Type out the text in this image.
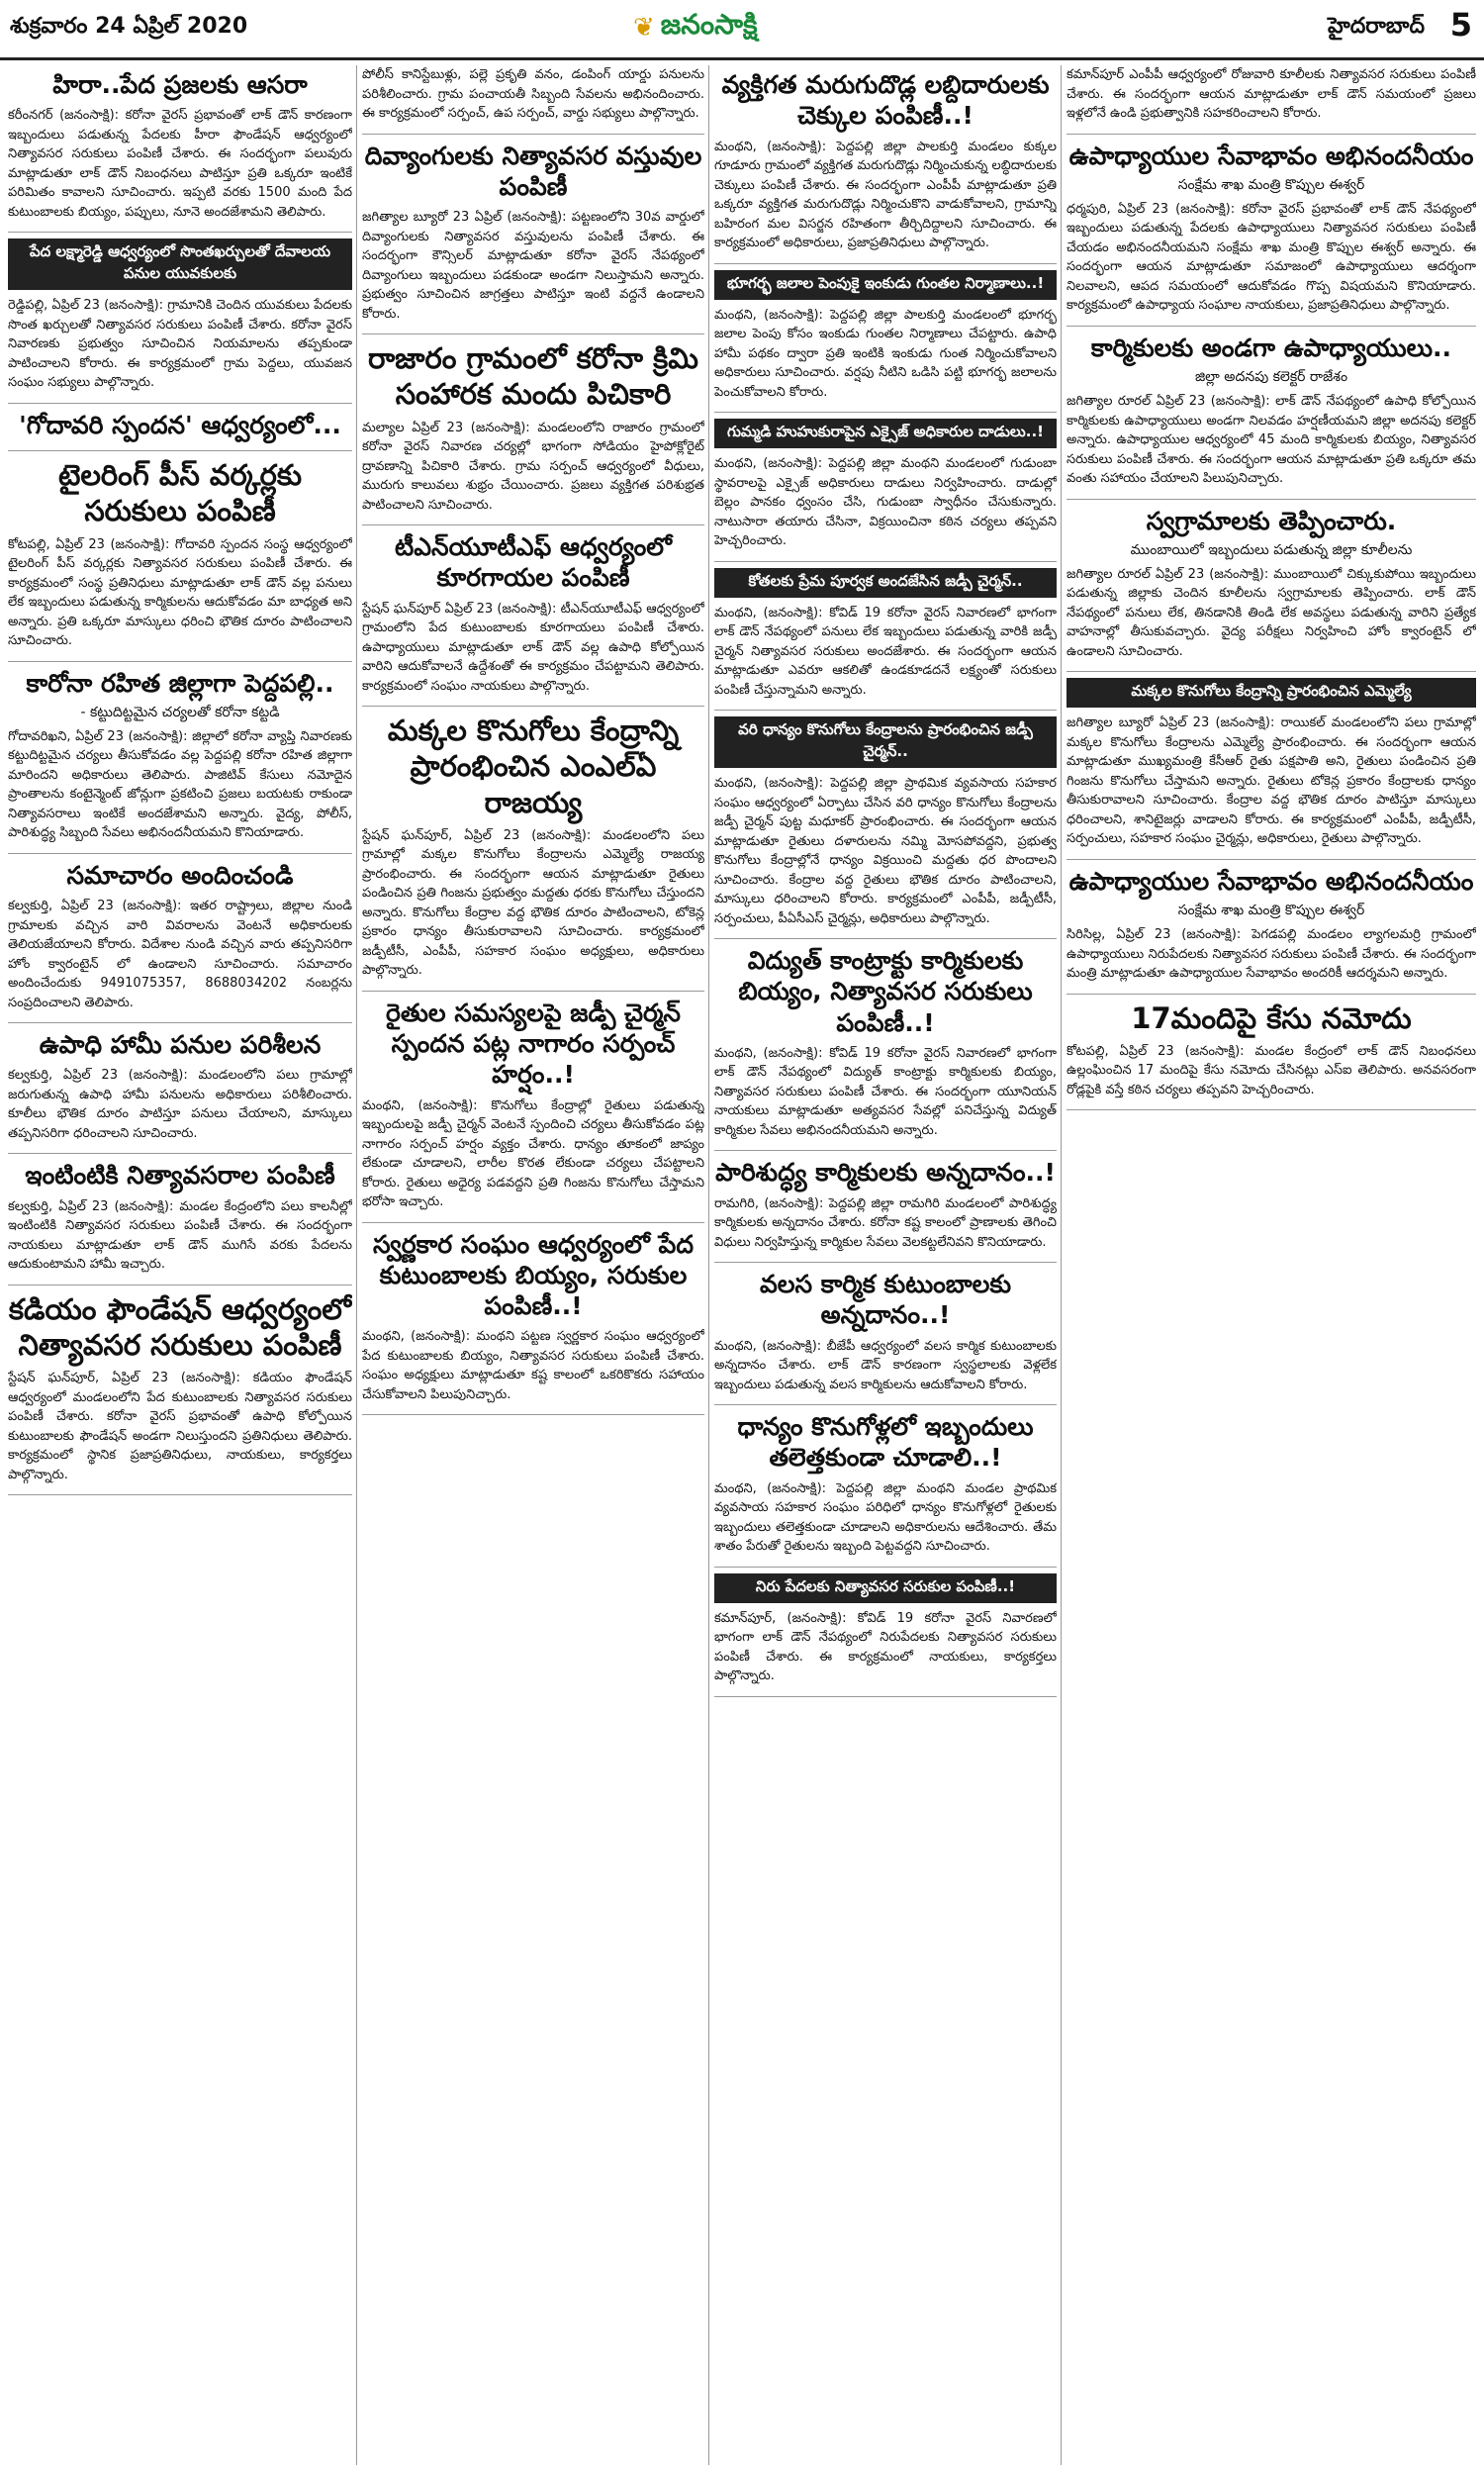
శుక్రవారం 24 ఏప్రిల్ 2020	❦ జనంసాక్షి	హైదరాబాద్ 5
హిరా..పేద ప్రజలకు ఆసరా
కరీంనగర్ (జనంసాక్షి): కరోనా వైరస్ ప్రభావంతో లాక్ డౌన్ కారణంగా ఇబ్బందులు పడుతున్న పేదలకు హీరా ఫౌండేషన్ ఆధ్వర్యంలో నిత్యావసర సరుకులు పంపిణీ చేశారు. ఈ సందర్భంగా పలువురు మాట్లాడుతూ లాక్ డౌన్ నిబంధనలు పాటిస్తూ ప్రతి ఒక్కరూ ఇంటికే పరిమితం కావాలని సూచించారు. ఇప్పటి వరకు 1500 మంది పేద కుటుంబాలకు బియ్యం, పప్పులు, నూనె అందజేశామని తెలిపారు.
పేద లక్ష్మారెడ్డి ఆధ్వర్యంలో సొంతఖర్చులతో దేవాలయ పనుల యువకులకు
రెడ్డిపల్లి, ఏప్రిల్ 23 (జనంసాక్షి): గ్రామానికి చెందిన యువకులు పేదలకు సొంత ఖర్చులతో నిత్యావసర సరుకులు పంపిణీ చేశారు. కరోనా వైరస్ నివారణకు ప్రభుత్వం సూచించిన నియమాలను తప్పకుండా పాటించాలని కోరారు. ఈ కార్యక్రమంలో గ్రామ పెద్దలు, యువజన సంఘం సభ్యులు పాల్గొన్నారు.
'గోదావరి స్పందన' ఆధ్వర్యంలో...
టైలరింగ్ పీస్ వర్కర్లకు సరుకులు పంపిణీ
కోటపల్లి, ఏప్రిల్ 23 (జనంసాక్షి): గోదావరి స్పందన సంస్థ ఆధ్వర్యంలో టైలరింగ్ పీస్ వర్కర్లకు నిత్యావసర సరుకులు పంపిణీ చేశారు. ఈ కార్యక్రమంలో సంస్థ ప్రతినిధులు మాట్లాడుతూ లాక్ డౌన్ వల్ల పనులు లేక ఇబ్బందులు పడుతున్న కార్మికులను ఆదుకోవడం మా బాధ్యత అని అన్నారు. ప్రతి ఒక్కరూ మాస్కులు ధరించి భౌతిక దూరం పాటించాలని సూచించారు.
కారోనా రహిత జిల్లాగా పెద్దపల్లి..
- కట్టుదిట్టమైన చర్యలతో కరోనా కట్టడి
గోదావరిఖని, ఏప్రిల్ 23 (జనంసాక్షి): జిల్లాలో కరోనా వ్యాప్తి నివారణకు కట్టుదిట్టమైన చర్యలు తీసుకోవడం వల్ల పెద్దపల్లి కరోనా రహిత జిల్లాగా మారిందని అధికారులు తెలిపారు. పాజిటివ్ కేసులు నమోదైన ప్రాంతాలను కంటైన్మెంట్ జోన్లుగా ప్రకటించి ప్రజలు బయటకు రాకుండా నిత్యావసరాలు ఇంటికే అందజేశామని అన్నారు. వైద్య, పోలీస్, పారిశుద్ధ్య సిబ్బంది సేవలు అభినందనీయమని కొనియాడారు.
సమాచారం అందించండి
కల్వకుర్తి, ఏప్రిల్ 23 (జనంసాక్షి): ఇతర రాష్ట్రాలు, జిల్లాల నుండి గ్రామాలకు వచ్చిన వారి వివరాలను వెంటనే అధికారులకు తెలియజేయాలని కోరారు. విదేశాల నుండి వచ్చిన వారు తప్పనిసరిగా హోం క్వారంటైన్ లో ఉండాలని సూచించారు. సమాచారం అందించేందుకు 9491075357, 8688034202 నంబర్లను సంప్రదించాలని తెలిపారు.
ఉపాధి హామీ పనుల పరిశీలన
కల్వకుర్తి, ఏప్రిల్ 23 (జనంసాక్షి): మండలంలోని పలు గ్రామాల్లో జరుగుతున్న ఉపాధి హామీ పనులను అధికారులు పరిశీలించారు. కూలీలు భౌతిక దూరం పాటిస్తూ పనులు చేయాలని, మాస్కులు తప్పనిసరిగా ధరించాలని సూచించారు.
ఇంటింటికి నిత్యావసరాల పంపిణీ
కల్వకుర్తి, ఏప్రిల్ 23 (జనంసాక్షి): మండల కేంద్రంలోని పలు కాలనీల్లో ఇంటింటికి నిత్యావసర సరుకులు పంపిణీ చేశారు. ఈ సందర్భంగా నాయకులు మాట్లాడుతూ లాక్ డౌన్ ముగిసే వరకు పేదలను ఆదుకుంటామని హామీ ఇచ్చారు.
కడియం ఫౌండేషన్ ఆధ్వర్యంలో నిత్యావసర సరుకులు పంపిణీ
స్టేషన్ ఘన్‌పూర్, ఏప్రిల్ 23 (జనంసాక్షి): కడియం ఫౌండేషన్ ఆధ్వర్యంలో మండలంలోని పేద కుటుంబాలకు నిత్యావసర సరుకులు పంపిణీ చేశారు. కరోనా వైరస్ ప్రభావంతో ఉపాధి కోల్పోయిన కుటుంబాలకు ఫౌండేషన్ అండగా నిలుస్తుందని ప్రతినిధులు తెలిపారు. కార్యక్రమంలో స్థానిక ప్రజాప్రతినిధులు, నాయకులు, కార్యకర్తలు పాల్గొన్నారు.
పోలీస్ కానిస్టేబుళ్లు, పల్లె ప్రకృతి వనం, డంపింగ్ యార్డు పనులను పరిశీలించారు. గ్రామ పంచాయతీ సిబ్బంది సేవలను అభినందించారు. ఈ కార్యక్రమంలో సర్పంచ్, ఉప సర్పంచ్, వార్డు సభ్యులు పాల్గొన్నారు.
దివ్యాంగులకు నిత్యావసర వస్తువుల పంపిణీ
జగిత్యాల బ్యూరో 23 ఏప్రిల్ (జనంసాక్షి): పట్టణంలోని 30వ వార్డులో దివ్యాంగులకు నిత్యావసర వస్తువులను పంపిణీ చేశారు. ఈ సందర్భంగా కౌన్సిలర్ మాట్లాడుతూ కరోనా వైరస్ నేపథ్యంలో దివ్యాంగులు ఇబ్బందులు పడకుండా అండగా నిలుస్తామని అన్నారు. ప్రభుత్వం సూచించిన జాగ్రత్తలు పాటిస్తూ ఇంటి వద్దనే ఉండాలని కోరారు.
రాజారం గ్రామంలో కరోనా క్రిమి సంహారక మందు పిచికారి
మల్యాల ఏప్రిల్ 23 (జనంసాక్షి): మండలంలోని రాజారం గ్రామంలో కరోనా వైరస్ నివారణ చర్యల్లో భాగంగా సోడియం హైపోక్లోరైట్ ద్రావణాన్ని పిచికారి చేశారు. గ్రామ సర్పంచ్ ఆధ్వర్యంలో వీధులు, మురుగు కాలువలు శుభ్రం చేయించారు. ప్రజలు వ్యక్తిగత పరిశుభ్రత పాటించాలని సూచించారు.
టీఎన్‌యూటీఎఫ్ ఆధ్వర్యంలో కూరగాయల పంపిణీ
స్టేషన్ ఘన్‌పూర్ ఏప్రిల్ 23 (జనంసాక్షి): టీఎన్‌యూటీఎఫ్ ఆధ్వర్యంలో గ్రామంలోని పేద కుటుంబాలకు కూరగాయలు పంపిణీ చేశారు. ఉపాధ్యాయులు మాట్లాడుతూ లాక్ డౌన్ వల్ల ఉపాధి కోల్పోయిన వారిని ఆదుకోవాలనే ఉద్దేశంతో ఈ కార్యక్రమం చేపట్టామని తెలిపారు. కార్యక్రమంలో సంఘం నాయకులు పాల్గొన్నారు.
మక్కల కొనుగోలు కేంద్రాన్ని ప్రారంభించిన ఎంఎల్‌ఏ రాజయ్య
స్టేషన్ ఘన్‌పూర్, ఏప్రిల్ 23 (జనంసాక్షి): మండలంలోని పలు గ్రామాల్లో మక్కల కొనుగోలు కేంద్రాలను ఎమ్మెల్యే రాజయ్య ప్రారంభించారు. ఈ సందర్భంగా ఆయన మాట్లాడుతూ రైతులు పండించిన ప్రతి గింజను ప్రభుత్వం మద్దతు ధరకు కొనుగోలు చేస్తుందని అన్నారు. కొనుగోలు కేంద్రాల వద్ద భౌతిక దూరం పాటించాలని, టోకెన్ల ప్రకారం ధాన్యం తీసుకురావాలని సూచించారు. కార్యక్రమంలో జడ్పీటీసీ, ఎంపీపీ, సహకార సంఘం అధ్యక్షులు, అధికారులు పాల్గొన్నారు.
రైతుల సమస్యలపై జడ్పీ చైర్మన్ స్పందన పట్ల నాగారం సర్పంచ్ హర్షం..!
మంథని, (జనంసాక్షి): కొనుగోలు కేంద్రాల్లో రైతులు పడుతున్న ఇబ్బందులపై జడ్పీ చైర్మన్ వెంటనే స్పందించి చర్యలు తీసుకోవడం పట్ల నాగారం సర్పంచ్ హర్షం వ్యక్తం చేశారు. ధాన్యం తూకంలో జాప్యం లేకుండా చూడాలని, లారీల కొరత లేకుండా చర్యలు చేపట్టాలని కోరారు. రైతులు అధైర్య పడవద్దని ప్రతి గింజను కొనుగోలు చేస్తామని భరోసా ఇచ్చారు.
స్వర్ణకార సంఘం ఆధ్వర్యంలో పేద కుటుంబాలకు బియ్యం, సరుకుల పంపిణీ..!
మంథని, (జనంసాక్షి): మంథని పట్టణ స్వర్ణకార సంఘం ఆధ్వర్యంలో పేద కుటుంబాలకు బియ్యం, నిత్యావసర సరుకులు పంపిణీ చేశారు. సంఘం అధ్యక్షులు మాట్లాడుతూ కష్ట కాలంలో ఒకరికొకరు సహాయం చేసుకోవాలని పిలుపునిచ్చారు.
వ్యక్తిగత మరుగుదొడ్ల లబ్దిదారులకు చెక్కుల పంపిణీ..!
మంథని, (జనంసాక్షి): పెద్దపల్లి జిల్లా పాలకుర్తి మండలం కుక్కల గూడూరు గ్రామంలో వ్యక్తిగత మరుగుదొడ్లు నిర్మించుకున్న లబ్ధిదారులకు చెక్కులు పంపిణీ చేశారు. ఈ సందర్భంగా ఎంపీపీ మాట్లాడుతూ ప్రతి ఒక్కరూ వ్యక్తిగత మరుగుదొడ్లు నిర్మించుకొని వాడుకోవాలని, గ్రామాన్ని బహిరంగ మల విసర్జన రహితంగా తీర్చిదిద్దాలని సూచించారు. ఈ కార్యక్రమంలో అధికారులు, ప్రజాప్రతినిధులు పాల్గొన్నారు.
భూగర్భ జలాల పెంపుకై ఇంకుడు గుంతల నిర్మాణాలు..!
మంథని, (జనంసాక్షి): పెద్దపల్లి జిల్లా పాలకుర్తి మండలంలో భూగర్భ జలాల పెంపు కోసం ఇంకుడు గుంతల నిర్మాణాలు చేపట్టారు. ఉపాధి హామీ పథకం ద్వారా ప్రతి ఇంటికి ఇంకుడు గుంత నిర్మించుకోవాలని అధికారులు సూచించారు. వర్షపు నీటిని ఒడిసి పట్టి భూగర్భ జలాలను పెంచుకోవాలని కోరారు.
గుమ్మడి హుహుకురాపైన ఎక్సైజ్ అధికారుల దాడులు..!
మంథని, (జనంసాక్షి): పెద్దపల్లి జిల్లా మంథని మండలంలో గుడుంబా స్థావరాలపై ఎక్సైజ్ అధికారులు దాడులు నిర్వహించారు. దాడుల్లో బెల్లం పానకం ధ్వంసం చేసి, గుడుంబా స్వాధీనం చేసుకున్నారు. నాటుసారా తయారు చేసినా, విక్రయించినా కఠిన చర్యలు తప్పవని హెచ్చరించారు.
కోతలకు ప్రేమ పూర్వక అందజేసిన జడ్పీ చైర్మన్..
మంథని, (జనంసాక్షి): కోవిడ్ 19 కరోనా వైరస్ నివారణలో భాగంగా లాక్ డౌన్ నేపథ్యంలో పనులు లేక ఇబ్బందులు పడుతున్న వారికి జడ్పీ చైర్మన్ నిత్యావసర సరుకులు అందజేశారు. ఈ సందర్భంగా ఆయన మాట్లాడుతూ ఎవరూ ఆకలితో ఉండకూడదనే లక్ష్యంతో సరుకులు పంపిణీ చేస్తున్నామని అన్నారు.
వరి ధాన్యం కొనుగోలు కేంద్రాలను ప్రారంభించిన జడ్పీ చైర్మన్..
మంథని, (జనంసాక్షి): పెద్దపల్లి జిల్లా ప్రాథమిక వ్యవసాయ సహకార సంఘం ఆధ్వర్యంలో ఏర్పాటు చేసిన వరి ధాన్యం కొనుగోలు కేంద్రాలను జడ్పీ చైర్మన్ పుట్ట మధూకర్ ప్రారంభించారు. ఈ సందర్భంగా ఆయన మాట్లాడుతూ రైతులు దళారులను నమ్మి మోసపోవద్దని, ప్రభుత్వ కొనుగోలు కేంద్రాల్లోనే ధాన్యం విక్రయించి మద్దతు ధర పొందాలని సూచించారు. కేంద్రాల వద్ద రైతులు భౌతిక దూరం పాటించాలని, మాస్కులు ధరించాలని కోరారు. కార్యక్రమంలో ఎంపీపీ, జడ్పీటీసీ, సర్పంచులు, పీఏసీఎస్ చైర్మన్లు, అధికారులు పాల్గొన్నారు.
విద్యుత్ కాంట్రాక్టు కార్మికులకు బియ్యం, నిత్యావసర సరుకులు పంపిణీ..!
మంథని, (జనంసాక్షి): కోవిడ్ 19 కరోనా వైరస్ నివారణలో భాగంగా లాక్ డౌన్ నేపథ్యంలో విద్యుత్ కాంట్రాక్టు కార్మికులకు బియ్యం, నిత్యావసర సరుకులు పంపిణీ చేశారు. ఈ సందర్భంగా యూనియన్ నాయకులు మాట్లాడుతూ అత్యవసర సేవల్లో పనిచేస్తున్న విద్యుత్ కార్మికుల సేవలు అభినందనీయమని అన్నారు.
పారిశుద్ధ్య కార్మికులకు అన్నదానం..!
రామగిరి, (జనంసాక్షి): పెద్దపల్లి జిల్లా రామగిరి మండలంలో పారిశుద్ధ్య కార్మికులకు అన్నదానం చేశారు. కరోనా కష్ట కాలంలో ప్రాణాలకు తెగించి విధులు నిర్వహిస్తున్న కార్మికుల సేవలు వెలకట్టలేనివని కొనియాడారు.
వలస కార్మిక కుటుంబాలకు అన్నదానం..!
మంథని, (జనంసాక్షి): బీజేపీ ఆధ్వర్యంలో వలస కార్మిక కుటుంబాలకు అన్నదానం చేశారు. లాక్ డౌన్ కారణంగా స్వస్థలాలకు వెళ్లలేక ఇబ్బందులు పడుతున్న వలస కార్మికులను ఆదుకోవాలని కోరారు.
ధాన్యం కొనుగోళ్లలో ఇబ్బందులు తలెత్తకుండా చూడాలి..!
మంథని, (జనంసాక్షి): పెద్దపల్లి జిల్లా మంథని మండల ప్రాథమిక వ్యవసాయ సహకార సంఘం పరిధిలో ధాన్యం కొనుగోళ్లలో రైతులకు ఇబ్బందులు తలెత్తకుండా చూడాలని అధికారులను ఆదేశించారు. తేమ శాతం పేరుతో రైతులను ఇబ్బంది పెట్టవద్దని సూచించారు.
నిరు పేదలకు నిత్యావసర సరుకుల పంపిణీ..!
కమాన్‌పూర్, (జనంసాక్షి): కోవిడ్ 19 కరోనా వైరస్ నివారణలో భాగంగా లాక్ డౌన్ నేపథ్యంలో నిరుపేదలకు నిత్యావసర సరుకులు పంపిణీ చేశారు. ఈ కార్యక్రమంలో నాయకులు, కార్యకర్తలు పాల్గొన్నారు.
కమాన్‌పూర్ ఎంపీపీ ఆధ్వర్యంలో రోజువారి కూలీలకు నిత్యావసర సరుకులు పంపిణీ చేశారు. ఈ సందర్భంగా ఆయన మాట్లాడుతూ లాక్ డౌన్ సమయంలో ప్రజలు ఇళ్లలోనే ఉండి ప్రభుత్వానికి సహకరించాలని కోరారు.
ఉపాధ్యాయుల సేవాభావం అభినందనీయం
సంక్షేమ శాఖ మంత్రి కొప్పుల ఈశ్వర్
ధర్మపురి, ఏప్రిల్ 23 (జనంసాక్షి): కరోనా వైరస్ ప్రభావంతో లాక్ డౌన్ నేపథ్యంలో ఇబ్బందులు పడుతున్న పేదలకు ఉపాధ్యాయులు నిత్యావసర సరుకులు పంపిణీ చేయడం అభినందనీయమని సంక్షేమ శాఖ మంత్రి కొప్పుల ఈశ్వర్ అన్నారు. ఈ సందర్భంగా ఆయన మాట్లాడుతూ సమాజంలో ఉపాధ్యాయులు ఆదర్శంగా నిలవాలని, ఆపద సమయంలో ఆదుకోవడం గొప్ప విషయమని కొనియాడారు. కార్యక్రమంలో ఉపాధ్యాయ సంఘాల నాయకులు, ప్రజాప్రతినిధులు పాల్గొన్నారు.
కార్మికులకు అండగా ఉపాధ్యాయులు..
జిల్లా అదనపు కలెక్టర్ రాజేశం
జగిత్యాల రూరల్ ఏప్రిల్ 23 (జనంసాక్షి): లాక్ డౌన్ నేపథ్యంలో ఉపాధి కోల్పోయిన కార్మికులకు ఉపాధ్యాయులు అండగా నిలవడం హర్షణీయమని జిల్లా అదనపు కలెక్టర్ అన్నారు. ఉపాధ్యాయుల ఆధ్వర్యంలో 45 మంది కార్మికులకు బియ్యం, నిత్యావసర సరుకులు పంపిణీ చేశారు. ఈ సందర్భంగా ఆయన మాట్లాడుతూ ప్రతి ఒక్కరూ తమ వంతు సహాయం చేయాలని పిలుపునిచ్చారు.
స్వగ్రామాలకు తెప్పించారు.
ముంబాయిలో ఇబ్బందులు పడుతున్న జిల్లా కూలీలను
జగిత్యాల రూరల్ ఏప్రిల్ 23 (జనంసాక్షి): ముంబాయిలో చిక్కుకుపోయి ఇబ్బందులు పడుతున్న జిల్లాకు చెందిన కూలీలను స్వగ్రామాలకు తెప్పించారు. లాక్ డౌన్ నేపథ్యంలో పనులు లేక, తినడానికి తిండి లేక అవస్థలు పడుతున్న వారిని ప్రత్యేక వాహనాల్లో తీసుకువచ్చారు. వైద్య పరీక్షలు నిర్వహించి హోం క్వారంటైన్ లో ఉండాలని సూచించారు.
మక్కల కొనుగోలు కేంద్రాన్ని ప్రారంభించిన ఎమ్మెల్యే
జగిత్యాల బ్యూరో ఏప్రిల్ 23 (జనంసాక్షి): రాయికల్ మండలంలోని పలు గ్రామాల్లో మక్కల కొనుగోలు కేంద్రాలను ఎమ్మెల్యే ప్రారంభించారు. ఈ సందర్భంగా ఆయన మాట్లాడుతూ ముఖ్యమంత్రి కేసీఆర్ రైతు పక్షపాతి అని, రైతులు పండించిన ప్రతి గింజను కొనుగోలు చేస్తామని అన్నారు. రైతులు టోకెన్ల ప్రకారం కేంద్రాలకు ధాన్యం తీసుకురావాలని సూచించారు. కేంద్రాల వద్ద భౌతిక దూరం పాటిస్తూ మాస్కులు ధరించాలని, శానిటైజర్లు వాడాలని కోరారు. ఈ కార్యక్రమంలో ఎంపీపీ, జడ్పీటీసీ, సర్పంచులు, సహకార సంఘం చైర్మన్లు, అధికారులు, రైతులు పాల్గొన్నారు.
ఉపాధ్యాయుల సేవాభావం అభినందనీయం
సంక్షేమ శాఖ మంత్రి కొప్పుల ఈశ్వర్
సిరిసిల్ల, ఏప్రిల్ 23 (జనంసాక్షి): పెగడపల్లి మండలం ల్యాగలమర్రి గ్రామంలో ఉపాధ్యాయులు నిరుపేదలకు నిత్యావసర సరుకులు పంపిణీ చేశారు. ఈ సందర్భంగా మంత్రి మాట్లాడుతూ ఉపాధ్యాయుల సేవాభావం అందరికీ ఆదర్శమని అన్నారు.
17మందిపై కేసు నమోదు
కోటపల్లి, ఏప్రిల్ 23 (జనంసాక్షి): మండల కేంద్రంలో లాక్ డౌన్ నిబంధనలు ఉల్లంఘించిన 17 మందిపై కేసు నమోదు చేసినట్లు ఎస్ఐ తెలిపారు. అనవసరంగా రోడ్లపైకి వస్తే కఠిన చర్యలు తప్పవని హెచ్చరించారు.
